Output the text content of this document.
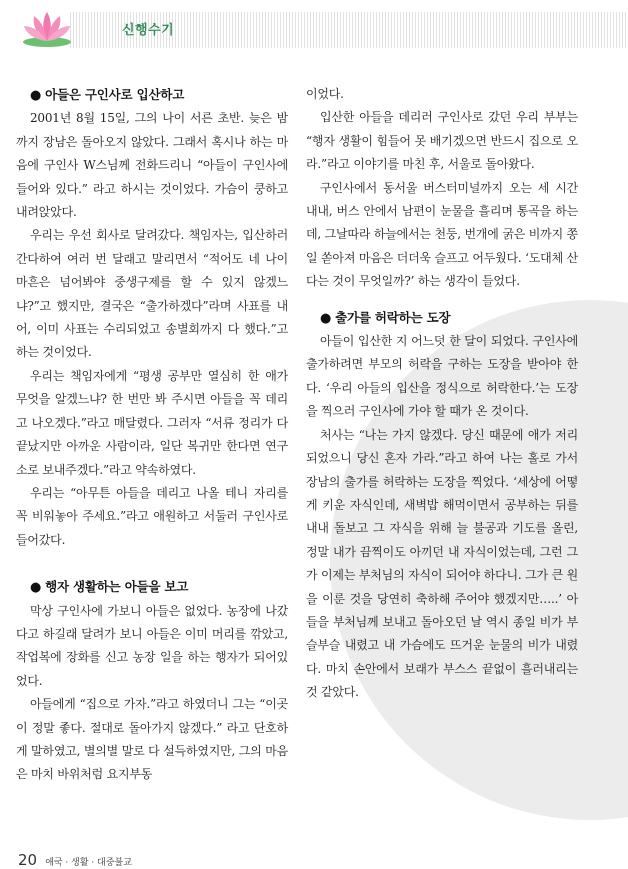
신행수기
● 아들은 구인사로 입산하고

2001년 8월 15일, 그의 나이 서른 초반. 늦은 밤까지 장남은 돌아오지 않았다. 그래서 혹시나 하는 마음에 구인사 W스님께 전화드리니 “아들이 구인사에 들어와 있다.” 라고 하시는 것이었다. 가슴이 쿵하고 내려앉았다.

우리는 우선 회사로 달려갔다. 책임자는, 입산하러 간다하여 여러 번 달래고 말리면서 “적어도 네 나이 마흔은 넘어봐야 중생구제를 할 수 있지 않겠느냐?”고 했지만, 결국은 “출가하겠다”라며 사표를 내어, 이미 사표는 수리되었고 송별회까지 다 했다.”고 하는 것이었다.

우리는 책임자에게 “평생 공부만 열심히 한 애가 무엇을 알겠느냐? 한 번만 봐 주시면 아들을 꼭 데리고 나오겠다.”라고 매달렸다. 그러자 “서류 정리가 다 끝났지만 아까운 사람이라, 일단 복귀만 한다면 연구소로 보내주겠다.”라고 약속하였다.

우리는 “아무튼 아들을 데리고 나올 테니 자리를 꼭 비워놓아 주세요.”라고 애원하고 서둘러 구인사로 들어갔다.

● 행자 생활하는 아들을 보고

막상 구인사에 가보니 아들은 없었다. 농장에 나갔다고 하길래 달려가 보니 아들은 이미 머리를 깎았고, 작업복에 장화를 신고 농장 일을 하는 행자가 되어있었다.

아들에게 “집으로 가자.”라고 하였더니 그는 “이곳이 정말 좋다. 절대로 돌아가지 않겠다.” 라고 단호하게 말하였고, 별의별 말로 다 설득하였지만, 그의 마음은 마치 바위처럼 요지부동

이었다.

입산한 아들을 데리러 구인사로 갔던 우리 부부는 “행자 생활이 힘들어 못 배기겠으면 반드시 집으로 오라.”라고 이야기를 마친 후, 서울로 돌아왔다.

구인사에서 동서울 버스터미널까지 오는 세 시간 내내, 버스 안에서 남편이 눈물을 흘리며 통곡을 하는데, 그날따라 하늘에서는 천둥, 번개에 굵은 비까지 쫑일 쏟아져 마음은 더더욱 슬프고 어두웠다. ‘도대체 산다는 것이 무엇일까?’ 하는 생각이 들었다.

● 출가를 허락하는 도장

아들이 입산한 지 어느덧 한 달이 되었다. 구인사에 출가하려면 부모의 허락을 구하는 도장을 받아야 한다. ‘우리 아들의 입산을 정식으로 허락한다.’는 도장을 찍으러 구인사에 가야 할 때가 온 것이다.

처사는 “나는 가지 않겠다. 당신 때문에 애가 저리되었으니 당신 혼자 가라.”라고 하여 나는 홀로 가서 장남의 출가를 허락하는 도장을 찍었다. ‘세상에 어떻게 키운 자식인데, 새벽밥 해먹이면서 공부하는 뒤를 내내 돌보고 그 자식을 위해 늘 불공과 기도를 올린, 정말 내가 끔찍이도 아끼던 내 자식이었는데, 그런 그가 이제는 부처님의 자식이 되어야 하다니. 그가 큰 원을 이룬 것을 당연히 축하해 주어야 했겠지만…..’ 아들을 부처님께 보내고 돌아오던 날 역시 종일 비가 부슬부슬 내렸고 내 가슴에도 뜨거운 눈물의 비가 내렸다. 마치 손안에서 보래가 부스스 끝없이 흘러내리는 것 같았다.

20 애국 · 생활 · 대중불교
